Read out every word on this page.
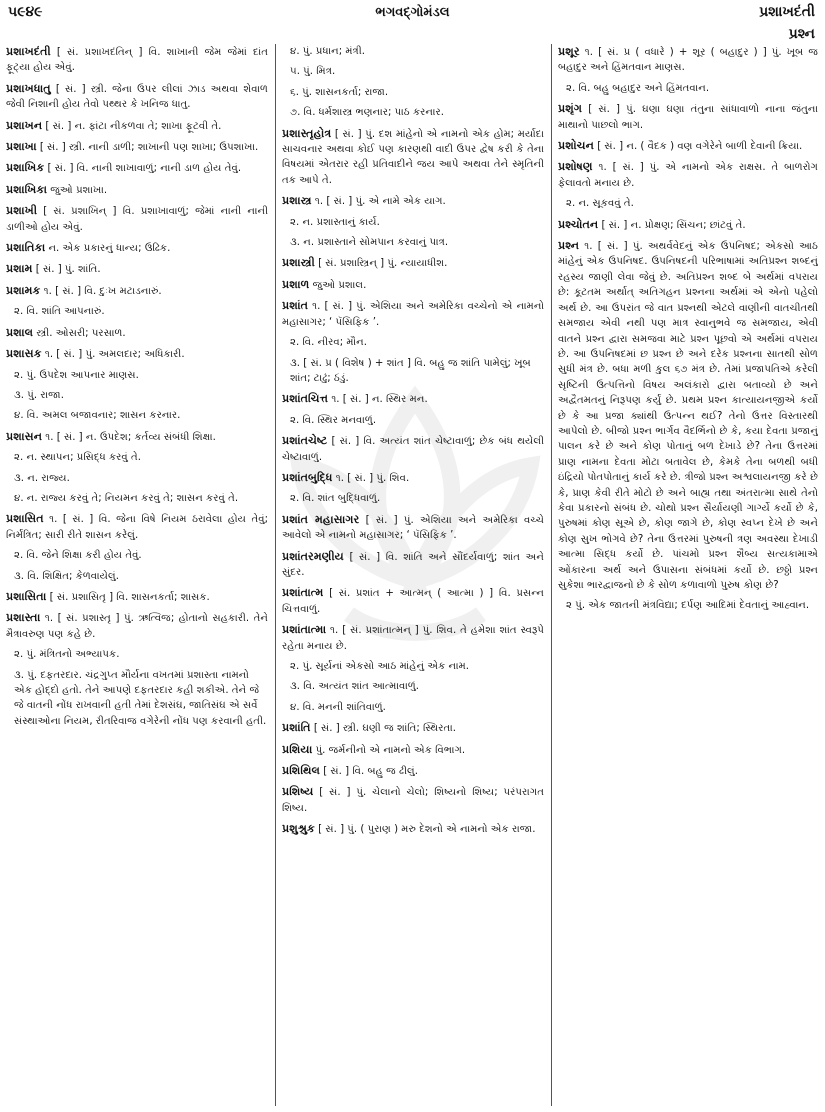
૫૯૪૯	ભગવદ્ગોમંડલ	પ્રશાખદંતી
પ્રશ્ન
પ્રશાખદંતી [ સં. પ્રશાખદંતિન્ ] વિ. શાખાની જેમ જેમાં દાંત ફૂટ્યા હોય એવું.
પ્રશાખધાતુ [ સં. ] સ્ત્રી. જેના ઉપર લીલાં ઝાડ અથવા શેવાળ જેવી નિશાની હોય તેવો પથ્થર કે ખનિજ ધાતુ.
પ્રશાખન [ સં. ] ન. ફાંટા નીકળવા તે; શાખા ફૂટવી તે.
પ્રશાખા [ સં. ] સ્ત્રી. નાની ડાળી; શાખાની પણ શાખા; ઉપશાખા.
પ્રશાખિક [ સં. ] વિ. નાની શાખાવાળું; નાની ડાળ હોય તેવું.
પ્રશાખિકા જુઓ પ્રશાખા.
પ્રશાખી [ સં. પ્રશાખિન્ ] વિ. પ્રશાખાવાળું; જેમાં નાની નાની ડાળીઓ હોય એવું.
પ્રશાતિકા ન. એક પ્રકારનું ધાન્ય; ઉઢિક.
પ્રશામ [ સં. ] પું. શાંતિ.
પ્રશામક ૧. [ સં. ] વિ. દુઃખ મટાડનારું.
૨. વિ. શાંતિ આપનારું.
પ્રશાલ સ્ત્રી. ઓસરી; પરસાળ.
પ્રશાસક ૧. [ સં. ] પું. અમલદાર; અધિકારી.
૨. પું. ઉપદેશ આપનાર માણસ.
૩. પું. રાજા.
૪. વિ. અમલ બજાવનાર; શાસન કરનાર.
પ્રશાસન ૧. [ સં. ] ન. ઉપદેશ; કર્તવ્ય સંબંધી શિક્ષા.
૨. ન. સ્થાપન; પ્રસિદ્ધ કરવું તે.
૩. ન. રાજ્ય.
૪. ન. રાજ્ય કરવું તે; નિયમન કરવું તે; શાસન કરવું તે.
પ્રશાસિત ૧. [ સં. ] વિ. જેના વિષે નિયમ ઠરાવેલા હોય તેવું; નિર્મંત્રિત; સારી રીતે શાસન કરેલું.
૨. વિ. જેને શિક્ષા કરી હોય તેવું.
૩. વિ. શિક્ષિત; કેળવાયેલું.
પ્રશાસિતા [ સં. પ્રશાસિતૃ ] વિ. શાસનકર્તા; શાસક.
પ્રશાસ્તા ૧. [ સં. પ્રશાસ્તૃ ] પું. ઋત્વિજ; હોતાનો સહકારી. તેને મૈત્રાવરુણ પણ કહે છે.
૨. પું. મંત્રિતનો અભ્યાપક.
૩. પું. દફતરદાર. ચંદ્રગુપ્ત મૌર્યના વખતમાં પ્રશાસ્તા નામનો એક હોદ્દો હતો. તેને આપણે દફતરદાર કહી શકીએ. તેને જે જે વાતની નોંધ રાખવાની હતી તેમાં દેશસંઘ, જાતિસંઘ એ સર્વે સંસ્થાઓના નિયમ, રીતરિવાજ વગેરેની નોંધ પણ કરવાની હતી.
૪. પું. પ્રધાન; મંત્રી.
૫. પું. મિત્ર.
૬. પું. શાસનકર્તા; રાજા.
૭. વિ. ધર્મશાસ્ત્ર ભણનાર; પાઠ કરનાર.
પ્રશાસ્તૃહોત્ર [ સં. ] પું. દશ માંહેનો એ નામનો એક હોમ; મર્યાદા સાચવનાર અથવા કોઈ પણ કારણથી વાદી ઉપર દ્વેષ કરી કે તેના વિષયમાં એતરાર રહી પ્રતિવાદીને જય આપે અથવા તેને સ્મૃતિની તક આપે તે.
પ્રશાસ્ત્ર ૧. [ સં. ] પું. એ નામે એક યાગ.
૨. ન. પ્રશાસ્તાનું કાર્ય.
૩. ન. પ્રશાસ્તાને સોમપાન કરવાનું પાત્ર.
પ્રશાસ્ત્રી [ સં. પ્રશાસ્ત્રિન્ ] પું. ન્યાયાધીશ.
પ્રશાળ જુઓ પ્રશાલ.
પ્રશાંત ૧. [ સં. ] પું. એશિયા અને અમેરિકા વચ્ચેનો એ નામનો મહાસાગર; ‘ પૅસિફિક ’.
૨. વિ. નીરવ; મૌન.
૩. [ સં. પ્ર ( વિશેષ ) + શાંત ] વિ. બહુ જ શાંતિ પામેલું; ખૂબ શાંત; ટાઢું; ઠંડું.
પ્રશાંતચિત્ત ૧. [ સં. ] ન. સ્થિર મન.
૨. વિ. સ્થિર મનવાળું.
પ્રશાંતચેષ્ટ [ સં. ] વિ. અત્યંત શાંત ચેષ્ટાવાળું; છેક બંધ થયેલી ચેષ્ટાવાળું.
પ્રશાંતબુદ્ધિ ૧. [ સં. ] પું. શિવ.
૨. વિ. શાંત બુદ્ધિવાળું.
પ્રશાંત મહાસાગર [ સં. ] પું. એશિયા અને અમેરિકા વચ્ચે આવેલો એ નામનો મહાસાગર; ‘ પૅસિફિક ’.
પ્રશાંતરમણીય [ સં. ] વિ. શાંતિ અને સૌંદર્યવાળું; શાંત અને સુંદર.
પ્રશાંતાત્મ [ સં. પ્રશાંત + આત્મન્ ( આત્મા ) ] વિ. પ્રસન્ન ચિત્તવાળું.
પ્રશાંતાત્મા ૧. [ સં. પ્રશાંતાત્મન્ ] પું. શિવ. તે હમેશા શાંત સ્વરૂપે રહેતા મનાય છે.
૨. પું. સૂર્યનાં એકસો આઠ માંહેનું એક નામ.
૩. વિ. અત્યંત શાંત આત્માવાળું.
૪. વિ. મનની શાંતિવાળું.
પ્રશાંતિ [ સં. ] સ્ત્રી. ઘણી જ શાંતિ; સ્થિરતા.
પ્રશિયા પું. જર્મનીનો એ નામનો એક વિભાગ.
પ્રશિથિલ [ સં. ] વિ. બહુ જ ઢીલું.
પ્રશિષ્ય [ સં. ] પું. ચેલાનો ચેલો; શિષ્યનો શિષ્ય; પરંપરાગત શિષ્ય.
પ્રશુશ્રુક [ સં. ] પું. ( પુરાણ ) મરુ દેશનો એ નામનો એક રાજા.
પ્રશૂર ૧. [ સં. પ્ર ( વધારે ) + શૂર ( બહાદુર ) ] પું. ખૂબ જ બહાદુર અને હિંમતવાન માણસ.
૨. વિ. બહુ બહાદુર અને હિંમતવાન.
પ્રશૃંગ [ સં. ] પું. ઘણા ઘણા તંતુના સાંધાવાળો નાના જંતુના માથાનો પાછલો ભાગ.
પ્રશોચન [ સં. ] ન. ( વૈદક ) વણ વગેરેને બાળી દેવાની ક્રિયા.
પ્રશોષણ ૧. [ સં. ] પું. એ નામનો એક રાક્ષસ. તે બાળરોગ ફેલાવતો મનાય છે.
૨. ન. સૂકવવું તે.
પ્રશ્ચોતન [ સં. ] ન. પ્રોક્ષણ; સિંચન; છાંટવું તે.
પ્રશ્ન ૧. [ સં. ] પું. અથર્વવેદનું એક ઉપનિષદ; એકસો આઠ માંહેનું એક ઉપનિષદ. ઉપનિષદની પરિભાષામાં અતિપ્રશ્ન શબ્દનું રહસ્ય જાણી લેવા જેવું છે. અતિપ્રશ્ન શબ્દ બે અર્થમાં વપરાય છે: કૂટતમ અર્થાત્ અતિગહન પ્રશ્નના અર્થમાં એ એનો પહેલો અર્થ છે. આ ઉપરાંત જે વાત પ્રશ્નથી એટલે વાણીની વાતચીતથી સમજાય એવી નથી પણ માત્ર સ્વાનુભવે જ સમજાય, એવી વાતને પ્રશ્ન દ્વારા સમજવા માટે પ્રશ્ન પૂછવો એ અર્થમાં વપરાય છે. આ ઉપનિષદમાં છ પ્રશ્ન છે અને દરેક પ્રશ્નના સાતથી સોળ સુધી મંત્ર છે. બધા મળી કુલ ૬૭ મંત્ર છે. તેમાં પ્રજાપતિએ કરેલી સૃષ્ટિની ઉત્પત્તિનો વિષય અલંકારો દ્વારા બતાવ્યો છે અને અદ્વૈતમતનું નિરૂપણ કર્યું છે. પ્રથમ પ્રશ્ન કાત્યાયનજીએ કર્યો છે કે આ પ્રજા ક્યાંથી ઉત્પન્ન થઈ? તેનો ઉત્તર વિસ્તારથી આપેલો છે. બીજો પ્રશ્ન ભાર્ગવ વૈદર્ભિનો છે કે, કયા દેવતા પ્રજાનું પાલન કરે છે અને કોણ પોતાનું બળ દેખાડે છે? તેના ઉત્તરમાં પ્રાણ નામના દેવતા મોટા બતાવેલ છે, કેમકે તેના બળથી બધી ઇંદ્રિયો પોતપોતાનું કાર્ય કરે છે. ત્રીજો પ્રશ્ન અશ્વલાયનજી કરે છે કે, પ્રાણ કેવી રીતે મોટો છે અને બાહ્ય તથા અંતરાત્મા સાથે તેનો કેવા પ્રકારનો સંબંધ છે. ચોથો પ્રશ્ન સૈર્યાયણી ગાર્ગ્યે કર્યો છે કે, પુરુષમાં કોણ સૂએ છે, કોણ જાગે છે, કોણ સ્વપ્ન દેખે છે અને કોણ સુખ ભોગવે છે? તેના ઉત્તરમાં પુરુષની ત્રણ અવસ્થા દેખાડી આત્મા સિદ્ધ કર્યો છે. પાંચમો પ્રશ્ન શૈબ્ય સત્યકામાએ ઓંકારના અર્થ અને ઉપાસના સંબંધમાં કર્યો છે. છઠ્ઠો પ્રશ્ન સુકેશા ભારદ્વાજનો છે કે સોળ કળાવાળો પુરુષ કોણ છે?
૨ પું. એક જાતની મંત્રવિદ્યા; દર્પણ આદિમાં દેવતાનું આહ્વાન.
